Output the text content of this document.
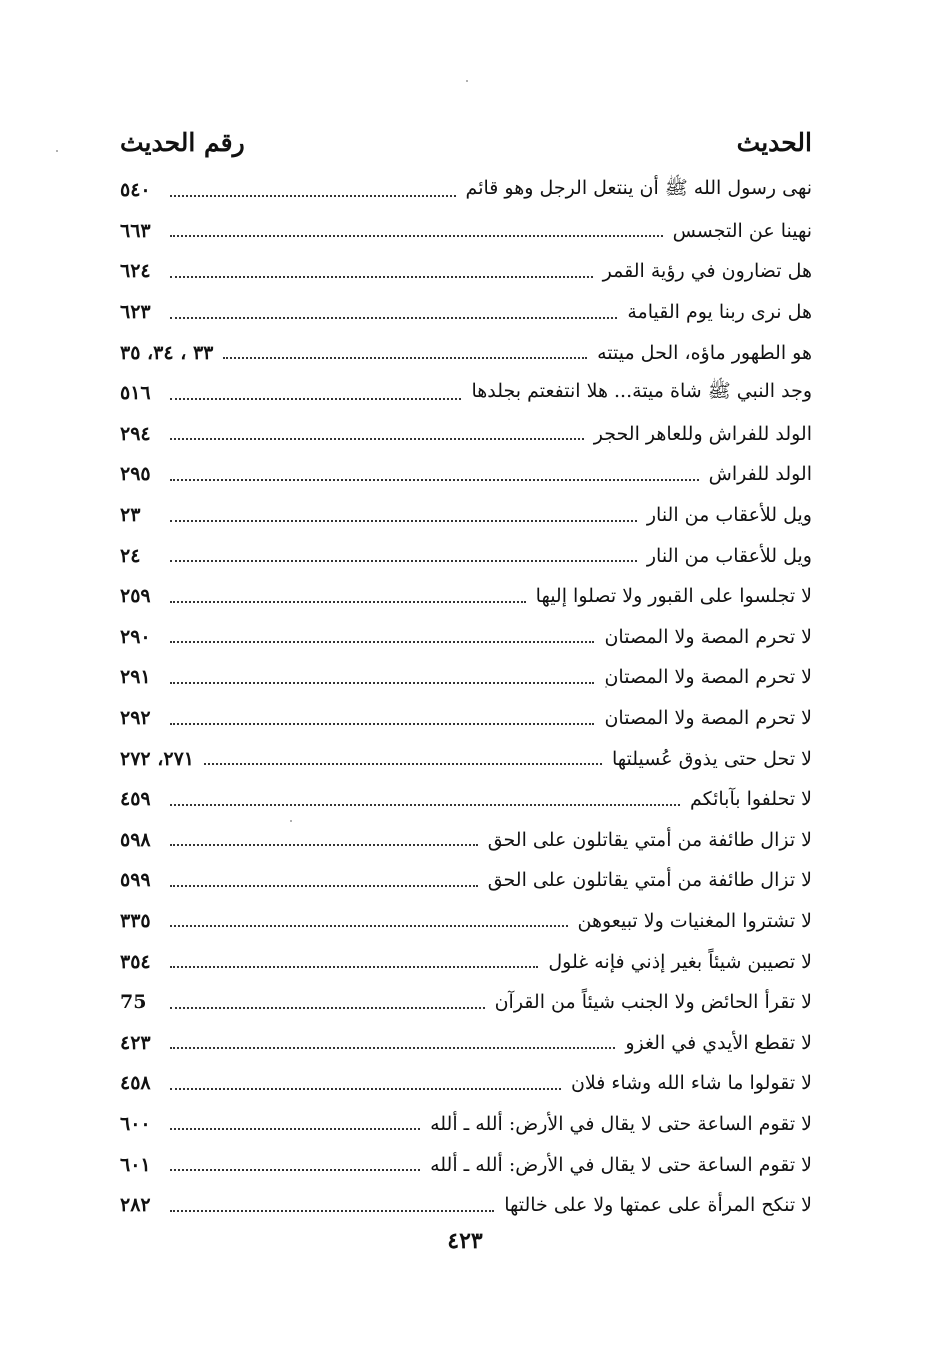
الحديث
رقم الحديث
نهى رسول الله ﷺ أن ينتعل الرجل وهو قائم
٥٤٠
نهينا عن التجسس
٦٦٣
هل تضارون في رؤية القمر
٦٢٤
هل نرى ربنا يوم القيامة
٦٢٣
هو الطهور ماؤه، الحل ميتته
٣٣ ، ٣٤، ٣٥
وجد النبي ﷺ شاة ميتة... هلا انتفعتم بجلدها
٥١٦
الولد للفراش وللعاهر الحجر
٢٩٤
الولد للفراش
٢٩٥
ويل للأعقاب من النار
٢٣
ويل للأعقاب من النار
٢٤
لا تجلسوا على القبور ولا تصلوا إليها
٢٥٩
لا تحرم المصة ولا المصتان
٢٩٠
لا تحرم المصة ولا المصتان
٢٩١
لا تحرم المصة ولا المصتان
٢٩٢
لا تحل حتى يذوق عُسيلتها
٢٧١، ٢٧٢
لا تحلفوا بآبائكم
٤٥٩
لا تزال طائفة من أمتي يقاتلون على الحق
٥٩٨
لا تزال طائفة من أمتي يقاتلون على الحق
٥٩٩
لا تشتروا المغنيات ولا تبيعوهن
٣٣٥
لا تصيبن شيئاً بغير إذني فإنه غلول
٣٥٤
لا تقرأ الحائض ولا الجنب شيئاً من القرآن
75
لا تقطع الأيدي في الغزو
٤٢٣
لا تقولوا ما شاء الله وشاء فلان
٤٥٨
لا تقوم الساعة حتى لا يقال في الأرض: ألله ـ ألله
٦٠٠
لا تقوم الساعة حتى لا يقال في الأرض: ألله ـ ألله
٦٠١
لا تنكح المرأة على عمتها ولا على خالتها
٢٨٢
٤٢٣
